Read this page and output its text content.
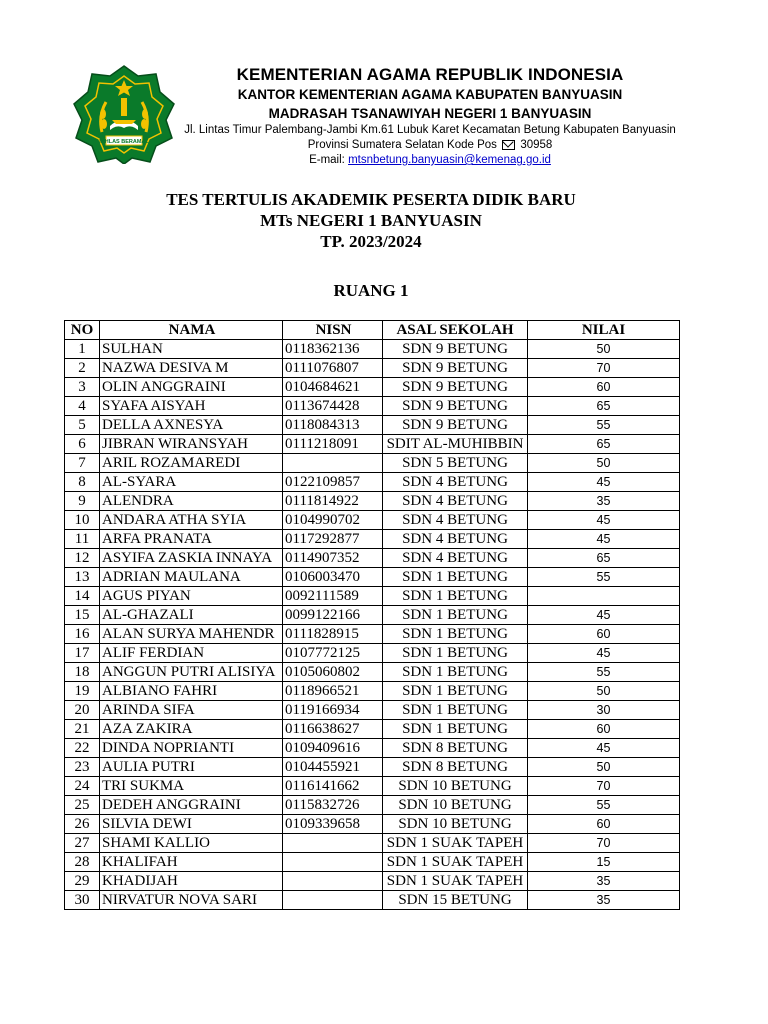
IKHLAS BERAMAL
KEMENTERIAN AGAMA REPUBLIK INDONESIA
KANTOR KEMENTERIAN AGAMA KABUPATEN BANYUASIN
MADRASAH TSANAWIYAH NEGERI 1 BANYUASIN
Jl. Lintas Timur Palembang-Jambi Km.61 Lubuk Karet Kecamatan Betung Kabupaten Banyuasin
Provinsi Sumatera Selatan Kode Pos 30958
E-mail: mtsnbetung.banyuasin@kemenag.go.id
TES TERTULIS AKADEMIK PESERTA DIDIK BARU
MTs NEGERI 1 BANYUASIN
TP. 2023/2024
RUANG 1
NO	NAMA	NISN	ASAL SEKOLAH	NILAI
1	SULHAN	0118362136	SDN 9 BETUNG	50
2	NAZWA DESIVA M	0111076807	SDN 9 BETUNG	70
3	OLIN ANGGRAINI	0104684621	SDN 9 BETUNG	60
4	SYAFA AISYAH	0113674428	SDN 9 BETUNG	65
5	DELLA AXNESYA	0118084313	SDN 9 BETUNG	55
6	JIBRAN WIRANSYAH	0111218091	SDIT AL-MUHIBBIN	65
7	ARIL ROZAMAREDI		SDN 5 BETUNG	50
8	AL-SYARA	0122109857	SDN 4 BETUNG	45
9	ALENDRA	0111814922	SDN 4 BETUNG	35
10	ANDARA ATHA SYIA	0104990702	SDN 4 BETUNG	45
11	ARFA PRANATA	0117292877	SDN 4 BETUNG	45
12	ASYIFA ZASKIA INNAYA	0114907352	SDN 4 BETUNG	65
13	ADRIAN MAULANA	0106003470	SDN 1 BETUNG	55
14	AGUS PIYAN	0092111589	SDN 1 BETUNG	
15	AL-GHAZALI	0099122166	SDN 1 BETUNG	45
16	ALAN SURYA MAHENDR	0111828915	SDN 1 BETUNG	60
17	ALIF FERDIAN	0107772125	SDN 1 BETUNG	45
18	ANGGUN PUTRI ALISIYA	0105060802	SDN 1 BETUNG	55
19	ALBIANO FAHRI	0118966521	SDN 1 BETUNG	50
20	ARINDA SIFA	0119166934	SDN 1 BETUNG	30
21	AZA ZAKIRA	0116638627	SDN 1 BETUNG	60
22	DINDA NOPRIANTI	0109409616	SDN 8 BETUNG	45
23	AULIA PUTRI	0104455921	SDN 8 BETUNG	50
24	TRI SUKMA	0116141662	SDN 10 BETUNG	70
25	DEDEH ANGGRAINI	0115832726	SDN 10 BETUNG	55
26	SILVIA DEWI	0109339658	SDN 10 BETUNG	60
27	SHAMI KALLIO		SDN 1 SUAK TAPEH	70
28	KHALIFAH		SDN 1 SUAK TAPEH	15
29	KHADIJAH		SDN 1 SUAK TAPEH	35
30	NIRVATUR NOVA SARI		SDN 15 BETUNG	35
